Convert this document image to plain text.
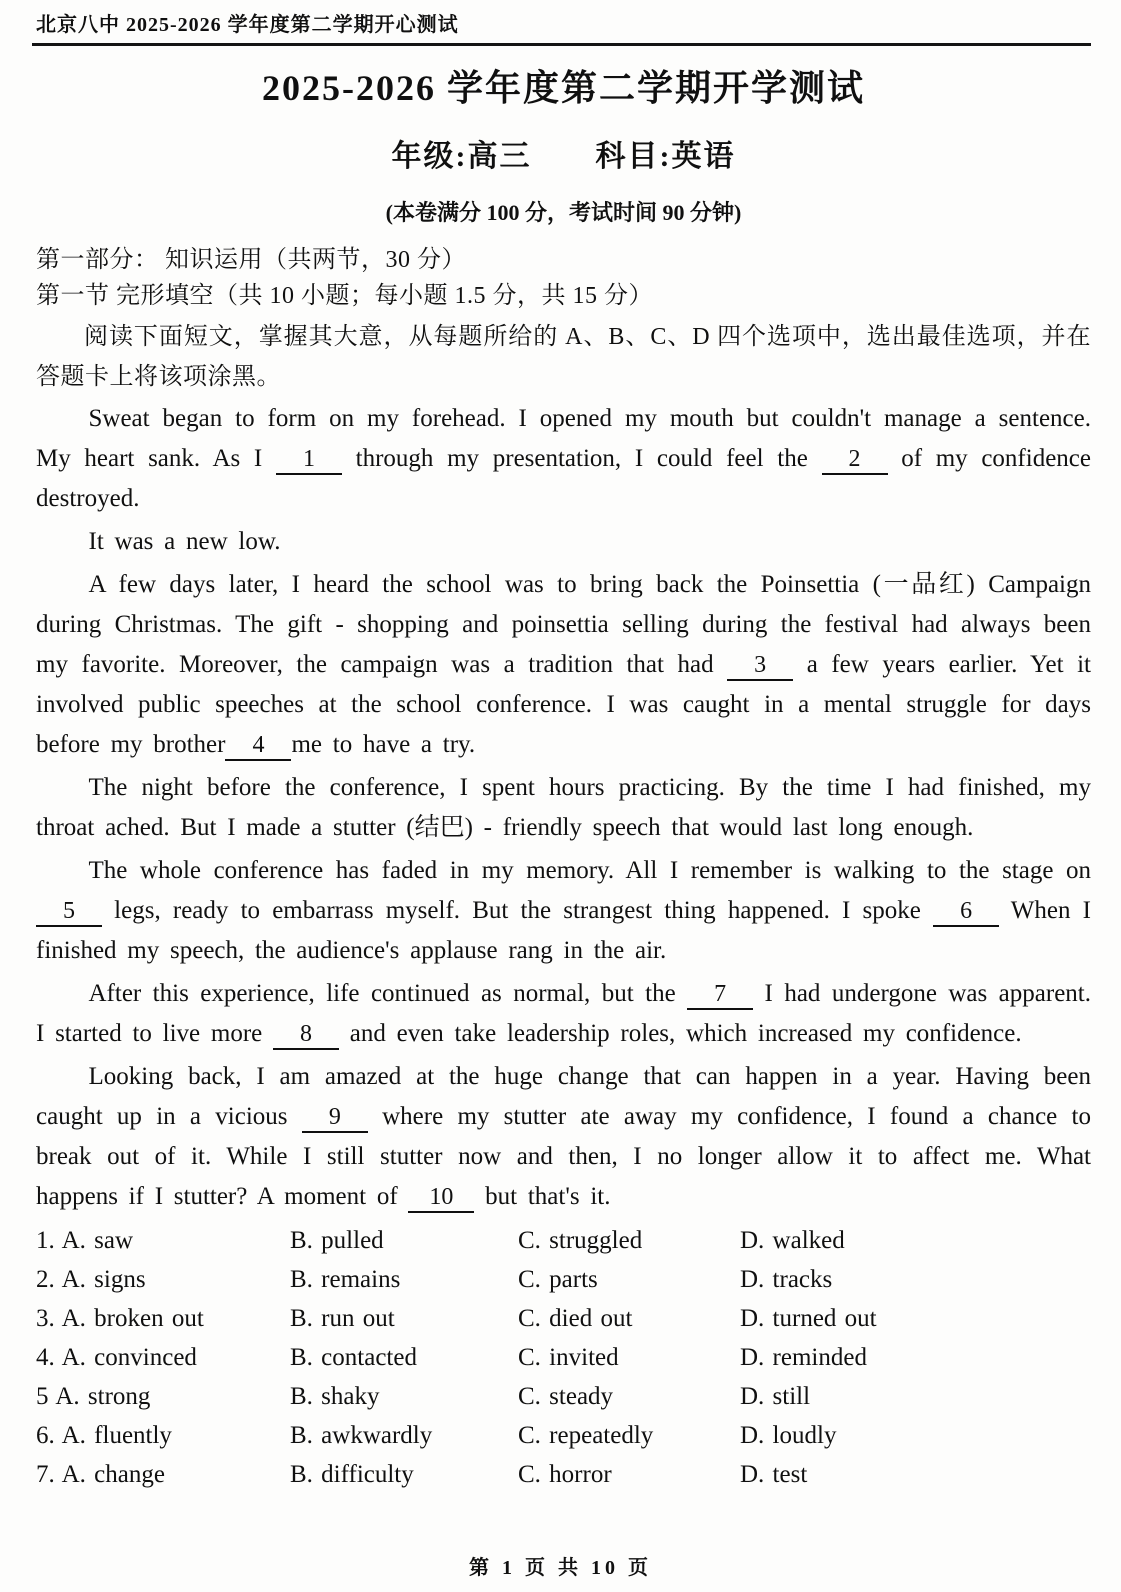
北京八中 2025-2026 学年度第二学期开心测试
2025-2026 学年度第二学期开学测试
年级:高三　　科目:英语
(本卷满分 100 分，考试时间 90 分钟)
第一部分： 知识运用（共两节，30 分）
第一节 完形填空（共 10 小题；每小题 1.5 分，共 15 分）
阅读下面短文，掌握其大意，从每题所给的 A、B、C、D 四个选项中，选出最佳选项，并在答题卡上将该项涂黑。

Sweat began to form on my forehead. I opened my mouth but couldn't manage a sentence. My heart sank. As I 1 through my presentation, I could feel the 2 of my confidence destroyed.

It was a new low.

A few days later, I heard the school was to bring back the Poinsettia (一品红) Campaign during Christmas. The gift - shopping and poinsettia selling during the festival had always been my favorite. Moreover, the campaign was a tradition that had 3 a few years earlier. Yet it involved public speeches at the school conference. I was caught in a mental struggle for days before my brother 4 me to have a try.

The night before the conference, I spent hours practicing. By the time I had finished, my throat ached. But I made a stutter (结巴) - friendly speech that would last long enough.

The whole conference has faded in my memory. All I remember is walking to the stage on 5 legs, ready to embarrass myself. But the strangest thing happened. I spoke 6 When I finished my speech, the audience's applause rang in the air.

After this experience, life continued as normal, but the 7 I had undergone was apparent. I started to live more 8 and even take leadership roles, which increased my confidence.

Looking back, I am amazed at the huge change that can happen in a year. Having been caught up in a vicious 9 where my stutter ate away my confidence, I found a chance to break out of it. While I still stutter now and then, I no longer allow it to affect me. What happens if I stutter? A moment of 10 but that's it.

1. A. saw	B. pulled	C. struggled	D. walked
2. A. signs	B. remains	C. parts	D. tracks
3. A. broken out	B. run out	C. died out	D. turned out
4. A. convinced	B. contacted	C. invited	D. reminded
5 A. strong	B. shaky	C. steady	D. still
6. A. fluently	B. awkwardly	C. repeatedly	D. loudly
7. A. change	B. difficulty	C. horror	D. test
第 1 页 共 10 页
